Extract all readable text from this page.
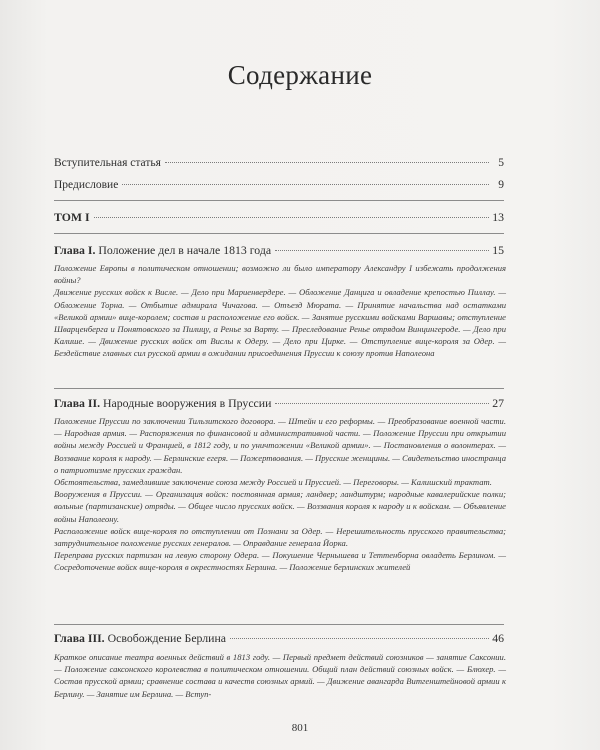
Содержание
Вступительная статья	5
Предисловие	9
ТОМ I	13
Глава I. Положение дел в начале 1813 года	15

Положение Европы в политическом отношении; возможно ли было императору Александру I избежать продолжения войны?

Движение русских войск к Висле. — Дело при Мариенвердере. — Обложение Данцига и овладение крепостью Пиллау. — Обложение Торна. — Отбытие адмирала Чичагова. — Отъезд Мюрата. — Принятие начальства над остатками «Великой армии» вице-королем; состав и расположение его войск. — Занятие русскими войсками Варшавы; отступление Шварценберга и Понятовского за Пилицу, а Ренье за Варту. — Преследование Ренье отрядом Винцингероде. — Дело при Калише. — Движение русских войск от Вислы к Одеру. — Дело при Цирке. — Отступление вице-короля за Одер. — Бездействие главных сил русской армии в ожидании присоединения Пруссии к союзу против Наполеона

Глава II. Народные вооружения в Пруссии	27

Положение Пруссии по заключении Тильзитского договора. — Штейн и его реформы. — Преобразование военной части. — Народная армия. — Распоряжения по финансовой и административной части. — Положение Пруссии при открытии войны между Россией и Францией, в 1812 году, и по уничтожении «Великой армии». — Постановления о волонтерах. — Воззвание короля к народу. — Берлинские егеря. — Пожертвования. — Прусские женщины. — Свидетельство иностранца о патриотизме прусских граждан.

Обстоятельства, замедлившие заключение союза между Россией и Пруссией. — Переговоры. — Калишский трактат.

Вооружения в Пруссии. — Организация войск: постоянная армия; ландвер; ландштурм; народные кавалерийские полки; вольные (партизанские) отряды. — Общее число прусских войск. — Воззвания короля к народу и к войскам. — Объявление войны Наполеону.

Расположение войск вице-короля по отступлении от Познани за Одер. — Нерешительность прусского правительства; затруднительное положение русских генералов. — Оправдание генерала Йорка.

Переправа русских партизан на левую сторону Одера. — Покушение Чернышева и Теттенборна овладеть Берлином. — Сосредоточение войск вице-короля в окрестностях Берлина. — Положение берлинских жителей

Глава III. Освобождение Берлина	46

Краткое описание театра военных действий в 1813 году. — Первый предмет действий союзников — занятие Саксонии. — Положение саксонского королевства в политическом отношении. Общий план действий союзных войск. — Блюхер. — Состав прусской армии; сравнение состава и качеств союзных армий. — Движение авангарда Витгенштейновой армии к Берлину. — Занятие им Берлина. — Вступ-

801
